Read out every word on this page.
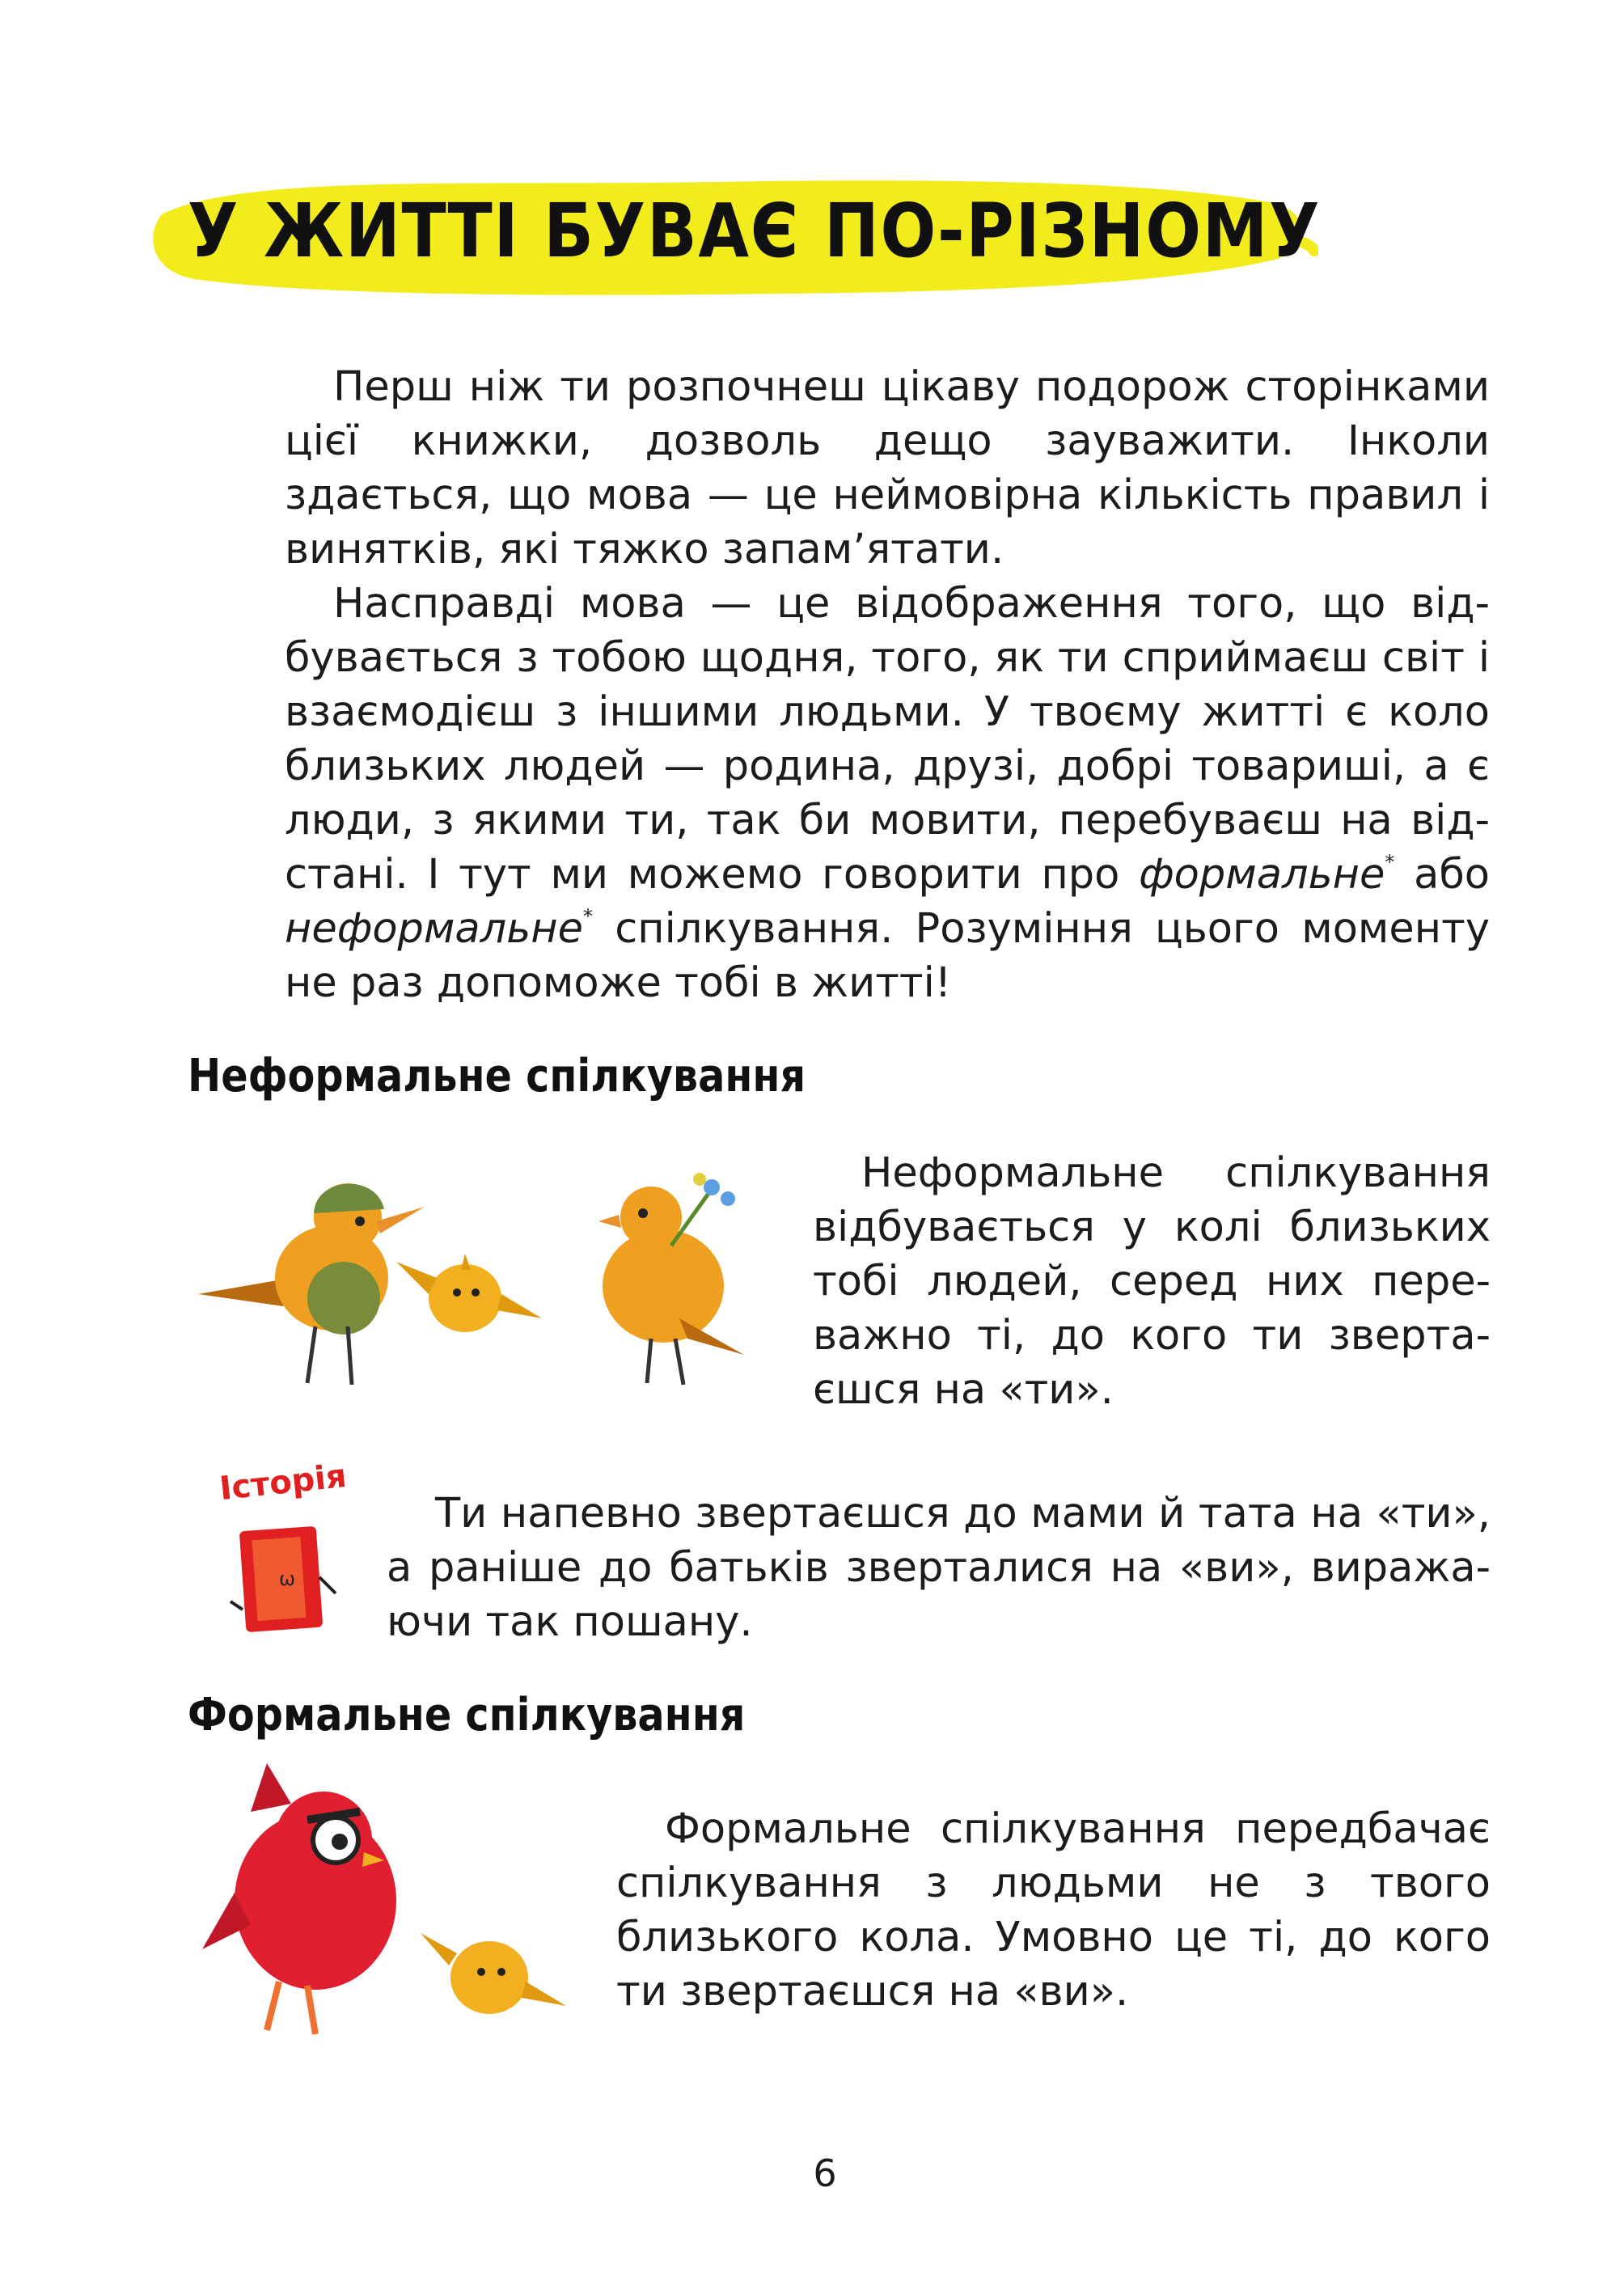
У ЖИТТІ БУВАЄ ПО-РІЗНОМУ

Перш ніж ти розпочнеш цікаву подорож сторінками цієї книжки, дозволь дещо зауважити. Інколи здається, що мова — це неймовірна кількість правил і винятків, які тяжко запам’ятати.

Насправді мова — це відображення того, що відбувається з тобою щодня, того, як ти сприймаєш світ і взаємодієш з іншими людьми. У твоєму житті є коло близьких людей — родина, друзі, добрі товариші, а є люди, з якими ти, так би мовити, перебуваєш на відстані. І тут ми можемо говорити про формальне* або неформальне* спілкування. Розуміння цього моменту не раз допоможе тобі в житті!

Неформальне спілкування

Неформальне спілкування відбувається у колі близьких тобі людей, серед них переважно ті, до кого ти звертаєшся на «ти».

Історія
ω

Ти напевно звертаєшся до мами й тата на «ти», а раніше до батьків зверталися на «ви», виражаючи так пошану.

Формальне спілкування

Формальне спілкування передбачає спілкування з людьми не з твого близького кола. Умовно це ті, до кого ти звертаєшся на «ви».

6
